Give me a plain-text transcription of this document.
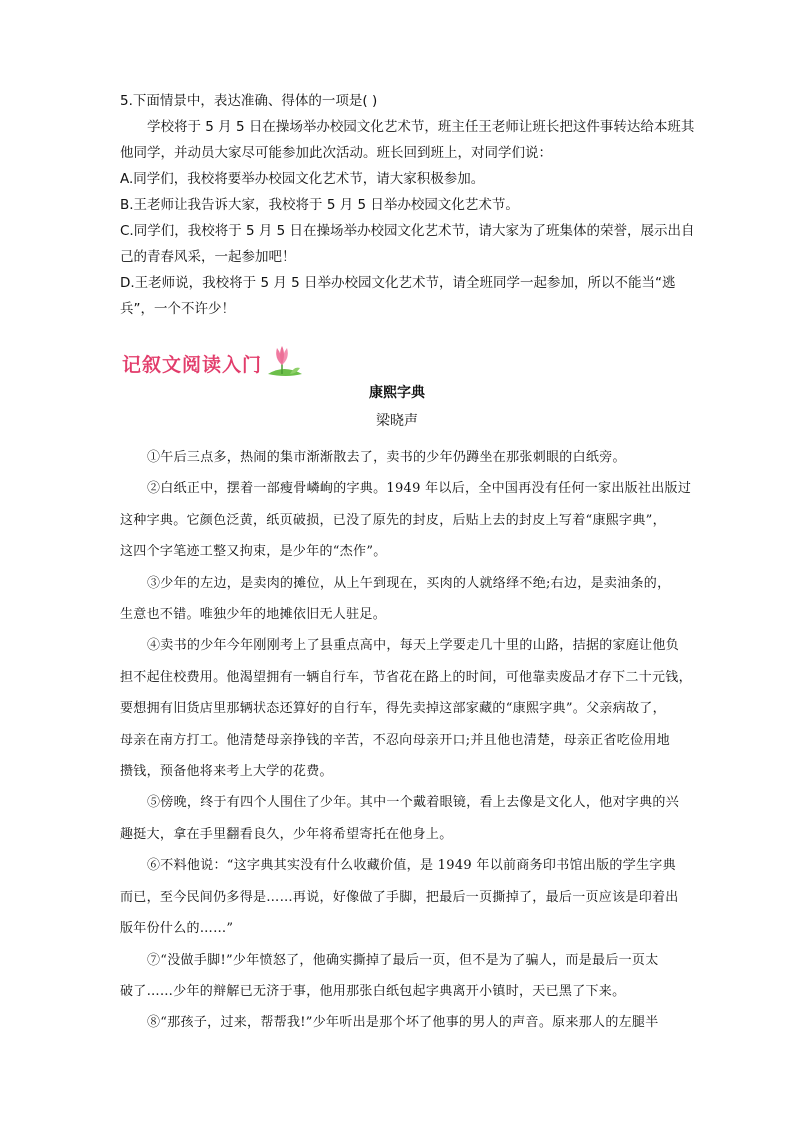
5.下面情景中，表达准确、得体的一项是( )

学校将于 5 月 5 日在操场举办校园文化艺术节，班主任王老师让班长把这件事转达给本班其

他同学，并动员大家尽可能参加此次活动。班长回到班上，对同学们说：

A.同学们，我校将要举办校园文化艺术节，请大家积极参加。

B.王老师让我告诉大家，我校将于 5 月 5 日举办校园文化艺术节。

C.同学们，我校将于 5 月 5 日在操场举办校园文化艺术节，请大家为了班集体的荣誉，展示出自

己的青春风采，一起参加吧！

D.王老师说，我校将于 5 月 5 日举办校园文化艺术节，请全班同学一起参加，所以不能当“逃

兵”，一个不许少！

记叙文阅读入门
康熙字典
梁晓声

①午后三点多，热闹的集市渐渐散去了，卖书的少年仍蹲坐在那张刺眼的白纸旁。

②白纸正中，摆着一部瘦骨嶙峋的字典。1949 年以后，全中国再没有任何一家出版社出版过

这种字典。它颜色泛黄，纸页破损，已没了原先的封皮，后贴上去的封皮上写着“康熙字典”，

这四个字笔迹工整又拘束，是少年的“杰作”。

③少年的左边，是卖肉的摊位，从上午到现在，买肉的人就络绎不绝;右边，是卖油条的，

生意也不错。唯独少年的地摊依旧无人驻足。

④卖书的少年今年刚刚考上了县重点高中，每天上学要走几十里的山路，拮据的家庭让他负

担不起住校费用。他渴望拥有一辆自行车，节省花在路上的时间，可他靠卖废品才存下二十元钱，

要想拥有旧货店里那辆状态还算好的自行车，得先卖掉这部家藏的“康熙字典”。父亲病故了，

母亲在南方打工。他清楚母亲挣钱的辛苦，不忍向母亲开口;并且他也清楚，母亲正省吃俭用地

攒钱，预备他将来考上大学的花费。

⑤傍晚，终于有四个人围住了少年。其中一个戴着眼镜，看上去像是文化人，他对字典的兴

趣挺大，拿在手里翻看良久，少年将希望寄托在他身上。

⑥不料他说：“这字典其实没有什么收藏价值，是 1949 年以前商务印书馆出版的学生字典

而已，至今民间仍多得是……再说，好像做了手脚，把最后一页撕掉了，最后一页应该是印着出

版年份什么的……”

⑦“没做手脚!”少年愤怒了，他确实撕掉了最后一页，但不是为了骗人，而是最后一页太

破了……少年的辩解已无济于事，他用那张白纸包起字典离开小镇时，天已黑了下来。

⑧“那孩子，过来，帮帮我!”少年听出是那个坏了他事的男人的声音。原来那人的左腿半
